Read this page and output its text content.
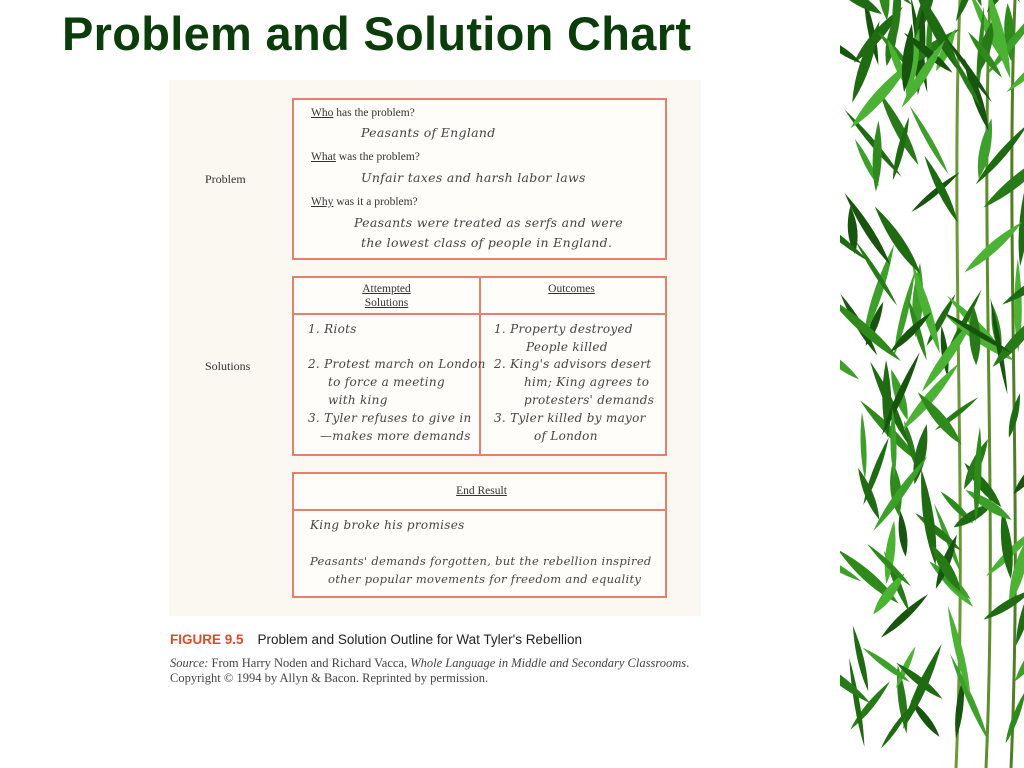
Problem and Solution Chart
Problem
Who has the problem?
Peasants of England
What was the problem?
Unfair taxes and harsh labor laws
Why was it a problem?
Peasants were treated as serfs and were
the lowest class of people in England.
Solutions
Attempted
Solutions
Outcomes
1. Riots
2. Protest march on London
to force a meeting
with king
3. Tyler refuses to give in
—makes more demands
1. Property destroyed
People killed
2. King's advisors desert
him; King agrees to
protesters' demands
3. Tyler killed by mayor
of London
End Result
King broke his promises
Peasants' demands forgotten, but the rebellion inspired
other popular movements for freedom and equality
FIGURE 9.5 Problem and Solution Outline for Wat Tyler's Rebellion
Source: From Harry Noden and Richard Vacca, Whole Language in Middle and Secondary Classrooms. Copyright © 1994 by Allyn & Bacon. Reprinted by permission.
